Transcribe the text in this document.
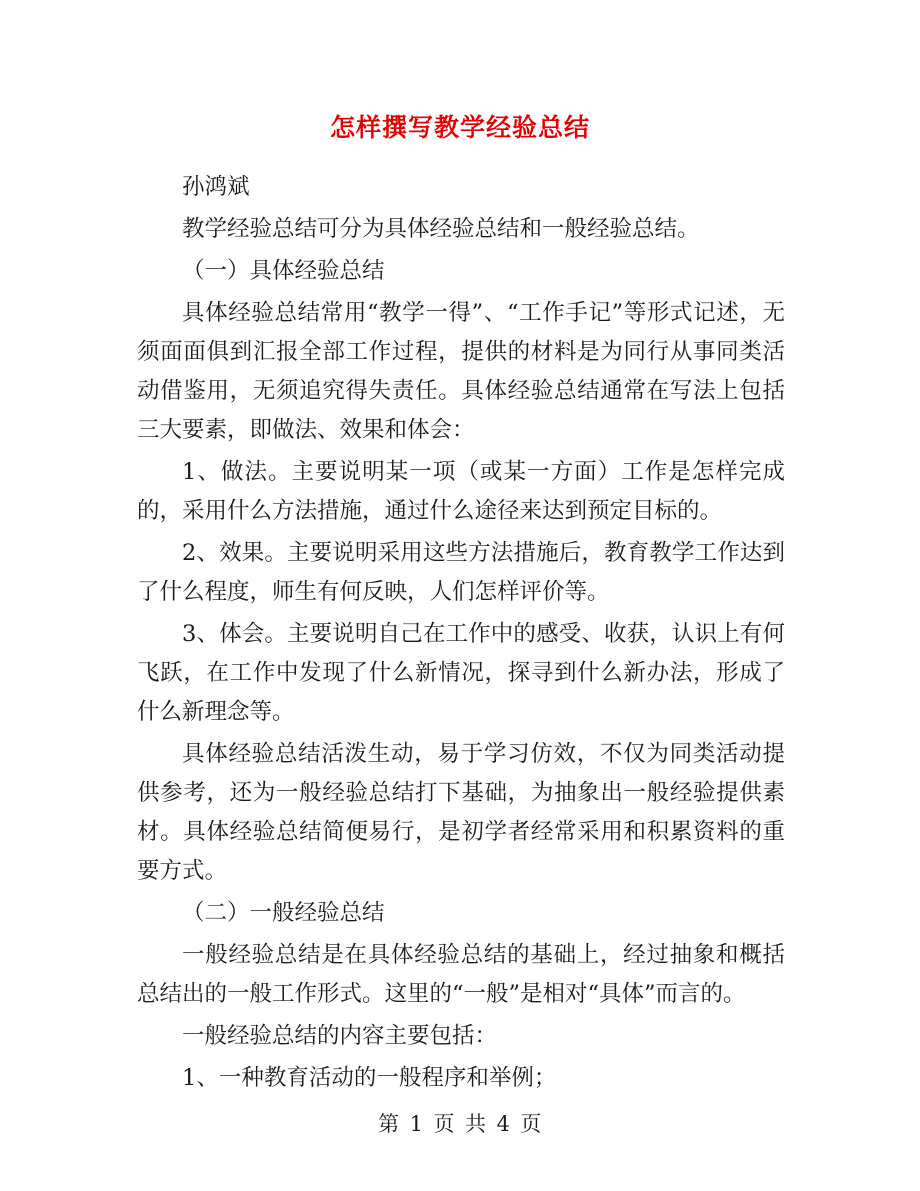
怎样撰写教学经验总结

孙鸿斌

教学经验总结可分为具体经验总结和一般经验总结。

（一）具体经验总结

具体经验总结常用“教学一得”、“工作手记”等形式记述，无须面面俱到汇报全部工作过程，提供的材料是为同行从事同类活动借鉴用，无须追究得失责任。具体经验总结通常在写法上包括三大要素，即做法、效果和体会：

1、做法。主要说明某一项（或某一方面）工作是怎样完成的，采用什么方法措施，通过什么途径来达到预定目标的。

2、效果。主要说明采用这些方法措施后，教育教学工作达到了什么程度，师生有何反映，人们怎样评价等。

3、体会。主要说明自己在工作中的感受、收获，认识上有何飞跃，在工作中发现了什么新情况，探寻到什么新办法，形成了什么新理念等。

具体经验总结活泼生动，易于学习仿效，不仅为同类活动提供参考，还为一般经验总结打下基础，为抽象出一般经验提供素材。具体经验总结简便易行，是初学者经常采用和积累资料的重要方式。

（二）一般经验总结

一般经验总结是在具体经验总结的基础上，经过抽象和概括总结出的一般工作形式。这里的“一般”是相对“具体”而言的。

一般经验总结的内容主要包括：

1、一种教育活动的一般程序和举例；

第 1 页 共 4 页
